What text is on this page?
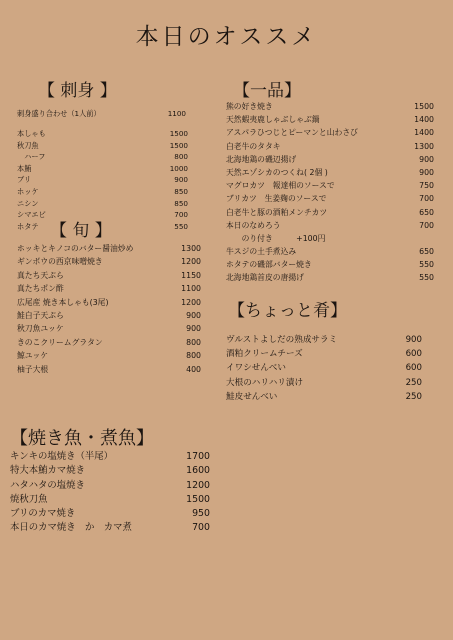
本日のオススメ
【 刺身 】
刺身盛り合わせ（1人前）	1100
本しゃも	1500
秋刀魚	1500
　ハーフ	800
本鮪	1000
ブリ	900
ホッケ	850
ニシン	850
シマエビ	700
ホタテ	550
【 旬 】
ホッキとキノコのバター醤油炒め	1300
ギンボウの西京味噌焼き	1200
真たち天ぷら	1150
真たちポン酢	1100
広尾産 焼き本しゃも(3尾)	1200
鮭白子天ぷら	900
秋刀魚ユッケ	900
きのこクリームグラタン	800
鯨ユッケ	800
柚子大根	400
【一品】
熊の好き焼き	1500
天然蝦夷鹿しゃぶしゃぶ鍋	1400
アスパラひつじとピーマンと山わさび	1400
白老牛のタタキ	1300
北海地鶏の磯辺揚げ	900
天然エゾシカのつくね( 2個 )	900
マグロカツ　報達相のソースで	750
ブリカツ　生姜麹のソースで	700
白老牛と豚の酒粕メンチカツ	650
本日のなめろう	700
　　のり付き　　　+100円
牛スジの土手煮込み	650
ホタテの磯部バター焼き	550
北海地鶏首皮の唐揚げ	550
【ちょっと肴】
ヴルストよしだの熟成サラミ	900
酒粕クリームチーズ	600
イワシせんべい	600
大根のハリハリ漬け	250
鮭皮せんべい	250
【焼き魚・煮魚】
キンキの塩焼き（半尾）	1700
特大本鮪カマ焼き	1600
ハタハタの塩焼き	1200
焼秋刀魚	1500
ブリのカマ焼き	950
本日のカマ焼き　か　カマ煮	700
